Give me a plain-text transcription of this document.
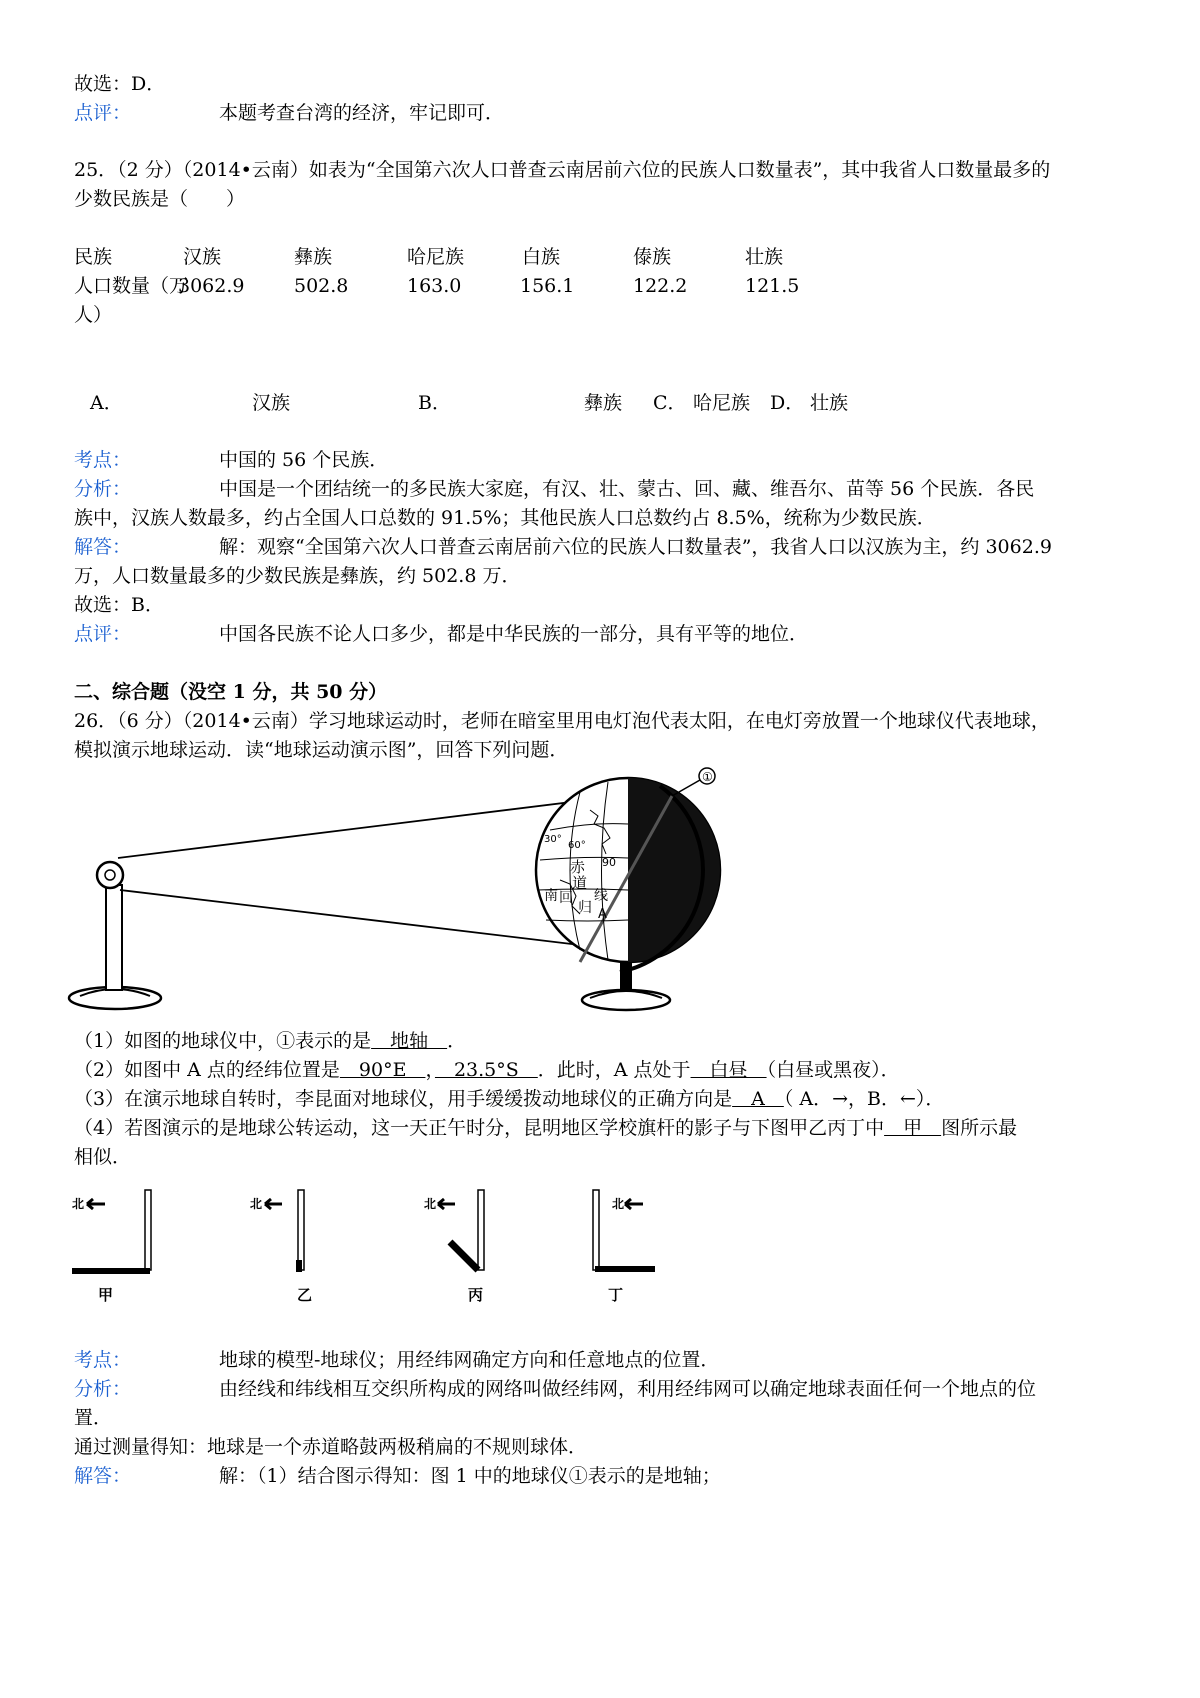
故选：D．
点评：	本题考查台湾的经济，牢记即可．
25．（2 分）（2014•云南）如表为“全国第六次人口普查云南居前六位的民族人口数量表”，其中我省人口数量最多的
少数民族是（　　）
民族	汉族	彝族	哈尼族	白族	傣族	壮族
人口数量（万
人）
3062.9	502.8	163.0	156.1	122.2	121.5
A．	汉族	B．	彝族 C． 哈尼族 D． 壮族
考点：	中国的 56 个民族．
分析：	中国是一个团结统一的多民族大家庭，有汉、壮、蒙古、回、藏、维吾尔、苗等 56 个民族．各民
族中，汉族人数最多，约占全国人口总数的 91.5%；其他民族人口总数约占 8.5%，统称为少数民族．
解答：	解：观察“全国第六次人口普查云南居前六位的民族人口数量表”，我省人口以汉族为主，约 3062.9
万，人口数量最多的少数民族是彝族，约 502.8 万．
故选：B．
点评：	中国各民族不论人口多少，都是中华民族的一部分，具有平等的地位．
二、综合题（没空 1 分，共 50 分）
26．（6 分）（2014•云南）学习地球运动时，老师在暗室里用电灯泡代表太阳，在电灯旁放置一个地球仪代表地球，
模拟演示地球运动．读“地球运动演示图”，回答下列问题．
①
30°
60°
90
赤
道
南 回
归
线
A
（1）如图的地球仪中，①表示的是　地轴　．
（2）如图中 A 点的经纬位置是　90°E　，　23.5°S　．此时，A 点处于　白昼　（白昼或黑夜）．
（3）在演示地球自转时，李昆面对地球仪，用手缓缓拨动地球仪的正确方向是　A　（ A．→，B．←）．
（4）若图演示的是地球公转运动，这一天正午时分，昆明地区学校旗杆的影子与下图甲乙丙丁中　甲　图所示最
相似．
北
甲
北
乙
北
丙
北
丁
考点：	地球的模型-地球仪；用经纬网确定方向和任意地点的位置．
分析：	由经线和纬线相互交织所构成的网络叫做经纬网，利用经纬网可以确定地球表面任何一个地点的位
置．
通过测量得知：地球是一个赤道略鼓两极稍扁的不规则球体．
解答：	解：（1）结合图示得知：图 1 中的地球仪①表示的是地轴；
